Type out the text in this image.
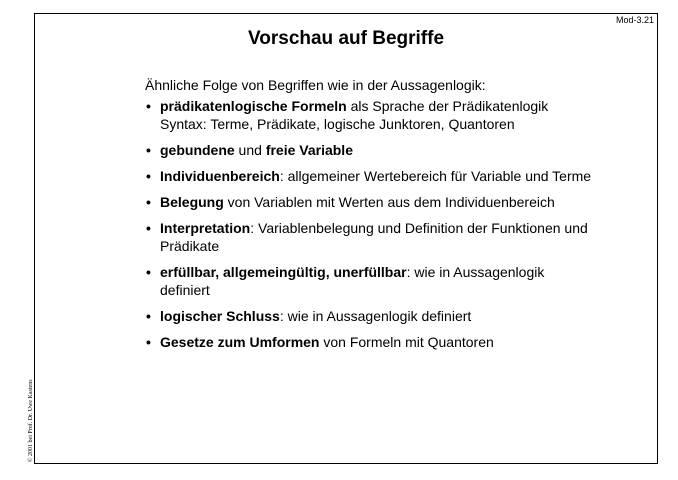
Mod-3.21
Vorschau auf Begriffe

Ähnliche Folge von Begriffen wie in der Aussagenlogik:

• prädikatenlogische Formeln als Sprache der Prädikatenlogik
Syntax: Terme, Prädikate, logische Junktoren, Quantoren
• gebundene und freie Variable
• Individuenbereich: allgemeiner Wertebereich für Variable und Terme
• Belegung von Variablen mit Werten aus dem Individuenbereich
• Interpretation: Variablenbelegung und Definition der Funktionen und
Prädikate
• erfüllbar, allgemeingültig, unerfüllbar: wie in Aussagenlogik
definiert
• logischer Schluss: wie in Aussagenlogik definiert
• Gesetze zum Umformen von Formeln mit Quantoren
© 2001 bei Prof. Dr. Uwe Kastens
